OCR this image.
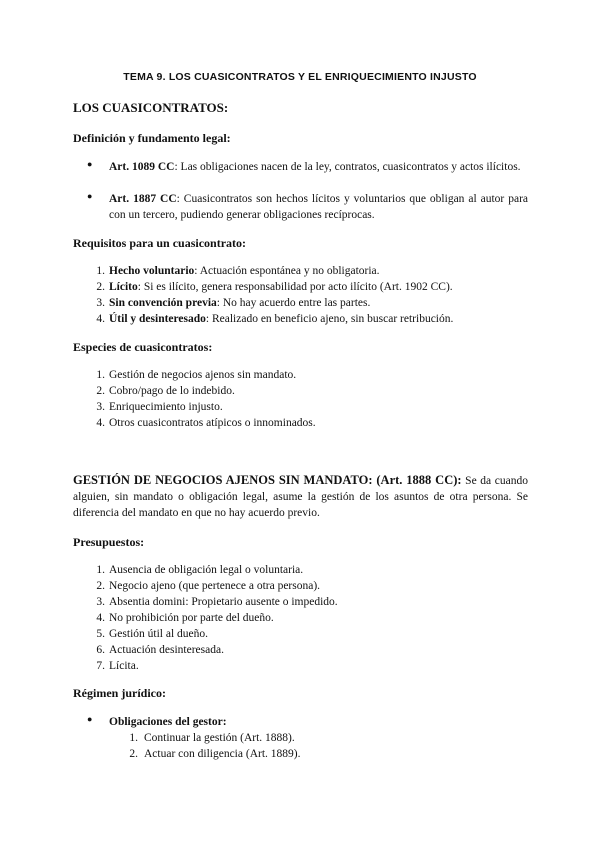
TEMA 9. LOS CUASICONTRATOS Y EL ENRIQUECIMIENTO INJUSTO
LOS CUASICONTRATOS:
Definición y fundamento legal:
● Art. 1089 CC: Las obligaciones nacen de la ley, contratos, cuasicontratos y actos ilícitos.
● Art. 1887 CC: Cuasicontratos son hechos lícitos y voluntarios que obligan al autor para con un tercero, pudiendo generar obligaciones recíprocas.
Requisitos para un cuasicontrato:
1. Hecho voluntario: Actuación espontánea y no obligatoria.
2. Lícito: Si es ilícito, genera responsabilidad por acto ilícito (Art. 1902 CC).
3. Sin convención previa: No hay acuerdo entre las partes.
4. Útil y desinteresado: Realizado en beneficio ajeno, sin buscar retribución.
Especies de cuasicontratos:
1. Gestión de negocios ajenos sin mandato.
2. Cobro/pago de lo indebido.
3. Enriquecimiento injusto.
4. Otros cuasicontratos atípicos o innominados.
GESTIÓN DE NEGOCIOS AJENOS SIN MANDATO: (Art. 1888 CC): Se da cuando alguien, sin mandato o obligación legal, asume la gestión de los asuntos de otra persona. Se diferencia del mandato en que no hay acuerdo previo.
Presupuestos:
1. Ausencia de obligación legal o voluntaria.
2. Negocio ajeno (que pertenece a otra persona).
3. Absentia domini: Propietario ausente o impedido.
4. No prohibición por parte del dueño.
5. Gestión útil al dueño.
6. Actuación desinteresada.
7. Lícita.
Régimen jurídico:
● Obligaciones del gestor:
1. Continuar la gestión (Art. 1888).
2. Actuar con diligencia (Art. 1889).
